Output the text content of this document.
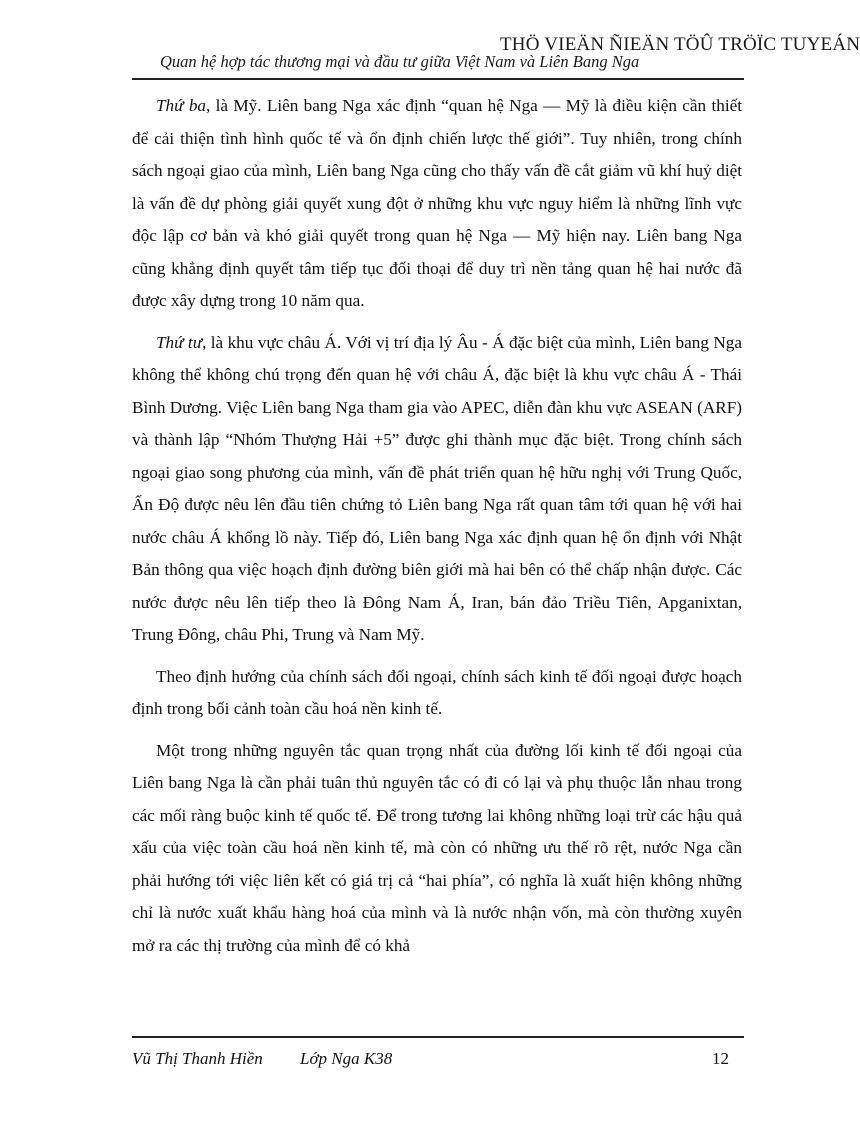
THÖ VIEÄN ÑIEÄN TÖÛ TRÖÏC TUYEÁN
Quan hệ hợp tác thương mại và đầu tư giữa Việt Nam và Liên Bang Nga

Thứ ba, là Mỹ. Liên bang Nga xác định “quan hệ Nga — Mỹ là điều kiện cần thiết để cải thiện tình hình quốc tế và ổn định chiến lược thế giới”. Tuy nhiên, trong chính sách ngoại giao của mình, Liên bang Nga cũng cho thấy vấn đề cắt giảm vũ khí huỷ diệt là vấn đề dự phòng giải quyết xung đột ở những khu vực nguy hiểm là những lĩnh vực độc lập cơ bản và khó giải quyết trong quan hệ Nga — Mỹ hiện nay. Liên bang Nga cũng khẳng định quyết tâm tiếp tục đối thoại để duy trì nền tảng quan hệ hai nước đã được xây dựng trong 10 năm qua.

Thứ tư, là khu vực châu Á. Với vị trí địa lý Âu - Á đặc biệt của mình, Liên bang Nga không thể không chú trọng đến quan hệ với châu Á, đặc biệt là khu vực châu Á - Thái Bình Dương. Việc Liên bang Nga tham gia vào APEC, diễn đàn khu vực ASEAN (ARF) và thành lập “Nhóm Thượng Hải +5” được ghi thành mục đặc biệt. Trong chính sách ngoại giao song phương của mình, vấn đề phát triển quan hệ hữu nghị với Trung Quốc, Ấn Độ được nêu lên đầu tiên chứng tỏ Liên bang Nga rất quan tâm tới quan hệ với hai nước châu Á khổng lồ này. Tiếp đó, Liên bang Nga xác định quan hệ ổn định với Nhật Bản thông qua việc hoạch định đường biên giới mà hai bên có thể chấp nhận được. Các nước được nêu lên tiếp theo là Đông Nam Á, Iran, bán đảo Triều Tiên, Apganixtan, Trung Đông, châu Phi, Trung và Nam Mỹ.

Theo định hướng của chính sách đối ngoại, chính sách kinh tế đối ngoại được hoạch định trong bối cảnh toàn cầu hoá nền kinh tế.

Một trong những nguyên tắc quan trọng nhất của đường lối kinh tế đối ngoại của Liên bang Nga là cần phải tuân thủ nguyên tắc có đi có lại và phụ thuộc lẫn nhau trong các mối ràng buộc kinh tế quốc tế. Để trong tương lai không những loại trừ các hậu quả xấu của việc toàn cầu hoá nền kinh tế, mà còn có những ưu thế rõ rệt, nước Nga cần phải hướng tới việc liên kết có giá trị cả “hai phía”, có nghĩa là xuất hiện không những chỉ là nước xuất khẩu hàng hoá của mình và là nước nhận vốn, mà còn thường xuyên mở ra các thị trường của mình để có khả

Vũ Thị Thanh Hiền Lớp Nga K38	12
